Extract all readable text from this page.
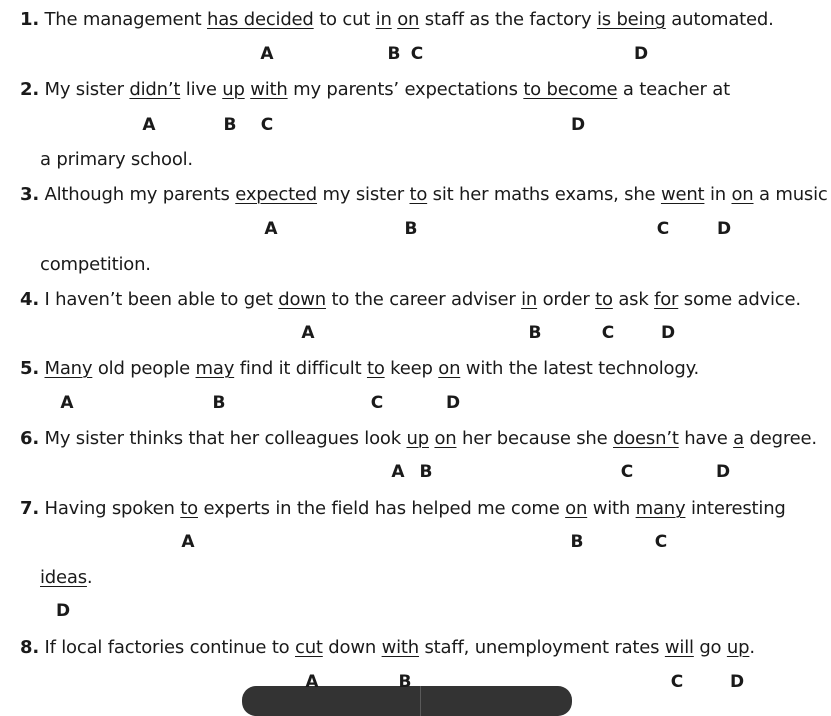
1. The management has decided to cut in on staff as the factory is being automated.
A	B C	D
2. My sister didn’t live up with my parents’ expectations to become a teacher at
A	B C	D
a primary school.
3. Although my parents expected my sister to sit her maths exams, she went in on a music
A	B	C	D
competition.
4. I haven’t been able to get down to the career adviser in order to ask for some advice.
A	B	C	D
5. Many old people may find it difficult to keep on with the latest technology.
A	B	C	D
6. My sister thinks that her colleagues look up on her because she doesn’t have a degree.
A B	C	D
7. Having spoken to experts in the field has helped me come on with many interesting
A	B	C
ideas.
D
8. If local factories continue to cut down with staff, unemployment rates will go up.
A	B	C	D
